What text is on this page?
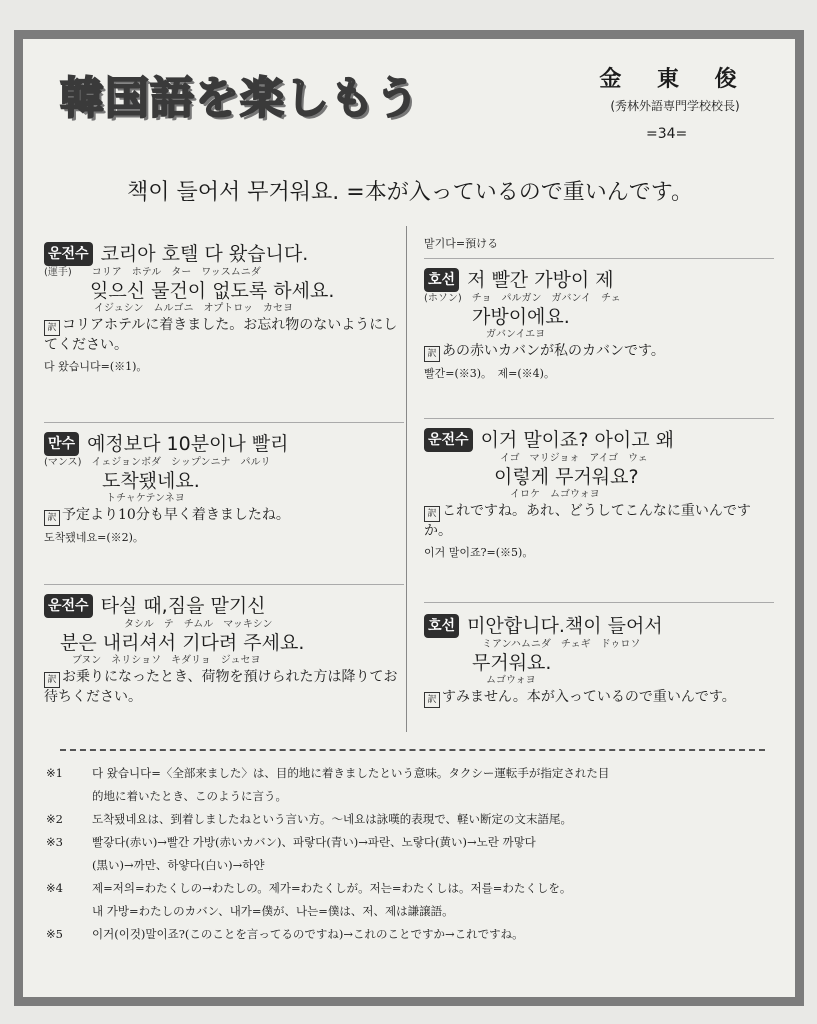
韓国語を楽しもう	金 東 俊
(秀林外語専門学校校長)
=34=
책이 들어서 무거워요. =本が入っているので重いんです。
운전수 코리아 호텔 다 왔습니다.
(運手)　　コリア　ホテル　ター　ワッスムニダ
잊으신 물건이 없도록 하세요.
イジュシン　ムルゴニ　オプトロッ　カセヨ
訳 コリアホテルに着きました。お忘れ物のないようにしてください。
다 왔습니다=(※1)。
만수 예정보다 10분이나 빨리
(マンス)　イェジョンボダ　シップンニナ　パルリ
도착됐네요.
トチャケテンネヨ
訳 予定より10分も早く着きましたね。
도착됐네요=(※2)。
운전수 타실 때,짐을 맡기신
タシル　テ　チムル　マッキシン
분은 내리셔서 기다려 주세요.
ブヌン　ネリショソ　キダリョ　ジュセヨ
訳 お乗りになったとき、荷物を預けられた方は降りてお待ちください。
맡기다=預ける
호선 저 빨간 가방이 제
(ホソン)　チョ　パルガン　ガバンイ　チェ
가방이에요.
ガバンイエヨ
訳 あの赤いカバンが私のカバンです。
빨간=(※3)。　제=(※4)。
운전수 이거 말이죠? 아이고 왜
イゴ　マリジョォ　アイゴ　ウェ
이렇게 무거워요?
イロケ　ムゴウォヨ
訳 これですね。あれ、どうしてこんなに重いんですか。
이거 말이죠?=(※5)。
호선 미안합니다.책이 들어서
ミアンハムニダ　チェギ　ドゥロソ
무거워요.
ムゴウォヨ
訳 すみません。本が入っているので重いんです。
※1	다 왔습니다=〈全部来ました〉は、目的地に着きましたという意味。タクシー運転手が指定された目
的地に着いたとき、このように言う。
※2	도착됐네요は、到着しましたねという言い方。～네요は詠嘆的表現で、軽い断定の文末語尾。
※3	빨갛다(赤い)→빨간 가방(赤いカバン)、파랗다(青い)→파란、노랗다(黄い)→노란 까맣다
(黒い)→까만、하얗다(白い)→하얀
※4	제=저의=わたくしの→わたしの。제가=わたくしが。저는=わたくしは。저를=わたくしを。
내 가방=わたしのカバン、내가=僕が、나는=僕は、저、제は謙譲語。
※5	이거(이것)말이죠?(このことを言ってるのですね)→これのことですか→これですね。
